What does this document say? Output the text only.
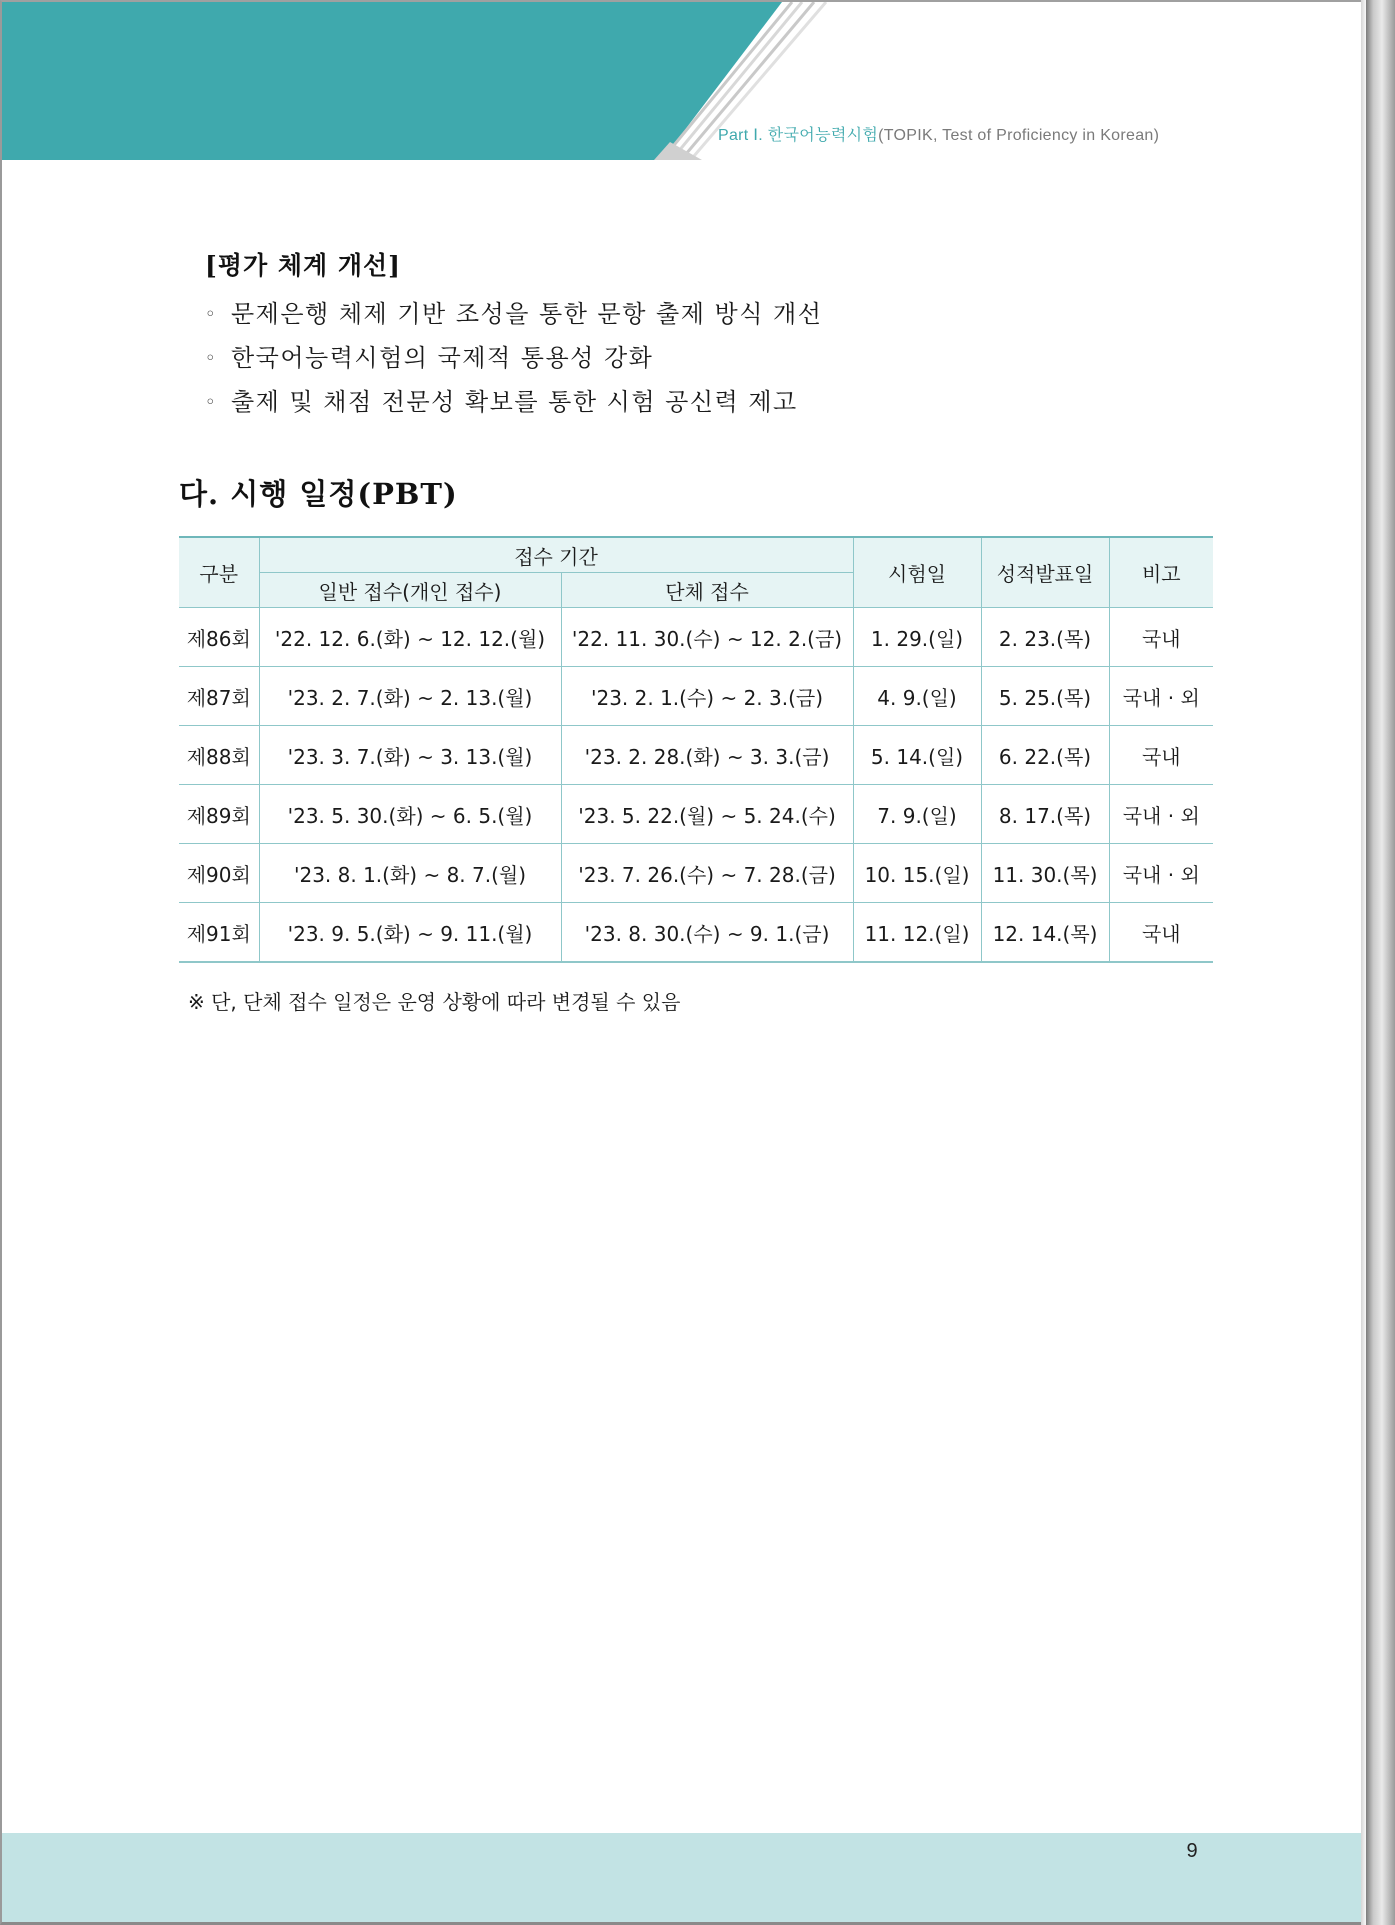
Part Ⅰ. 한국어능력시험(TOPIK, Test of Proficiency in Korean)
[평가 체계 개선]
◦ 문제은행 체제 기반 조성을 통한 문항 출제 방식 개선
◦ 한국어능력시험의 국제적 통용성 강화
◦ 출제 및 채점 전문성 확보를 통한 시험 공신력 제고
다. 시행 일정(PBT)
구분	접수 기간		시험일	성적발표일	비고
	일반 접수(개인 접수)	단체 접수			
제86회	'22. 12. 6.(화) ~ 12. 12.(월)	'22. 11. 30.(수) ~ 12. 2.(금)	1. 29.(일)	2. 23.(목)	국내
제87회	'23. 2. 7.(화) ~ 2. 13.(월)	'23. 2. 1.(수) ~ 2. 3.(금)	4. 9.(일)	5. 25.(목)	국내 · 외
제88회	'23. 3. 7.(화) ~ 3. 13.(월)	'23. 2. 28.(화) ~ 3. 3.(금)	5. 14.(일)	6. 22.(목)	국내
제89회	'23. 5. 30.(화) ~ 6. 5.(월)	'23. 5. 22.(월) ~ 5. 24.(수)	7. 9.(일)	8. 17.(목)	국내 · 외
제90회	'23. 8. 1.(화) ~ 8. 7.(월)	'23. 7. 26.(수) ~ 7. 28.(금)	10. 15.(일)	11. 30.(목)	국내 · 외
제91회	'23. 9. 5.(화) ~ 9. 11.(월)	'23. 8. 30.(수) ~ 9. 1.(금)	11. 12.(일)	12. 14.(목)	국내
※ 단, 단체 접수 일정은 운영 상황에 따라 변경될 수 있음
9
